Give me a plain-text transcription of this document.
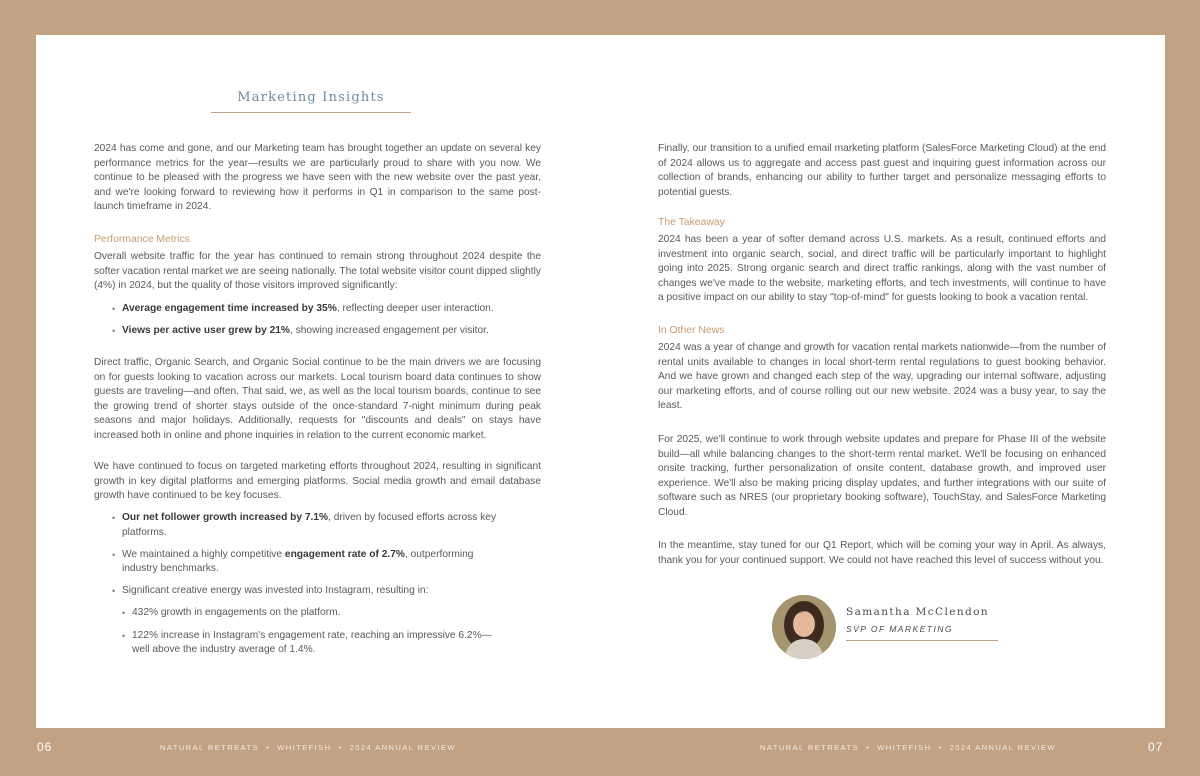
Marketing Insights

2024 has come and gone, and our Marketing team has brought together an update on several key performance metrics for the year—results we are particularly proud to share with you now. We continue to be pleased with the progress we have seen with the new website over the past year, and we're looking forward to reviewing how it performs in Q1 in comparison to the same post-launch timeframe in 2024.

Performance Metrics

Overall website traffic for the year has continued to remain strong throughout 2024 despite the softer vacation rental market we are seeing nationally. The total website visitor count dipped slightly (4%) in 2024, but the quality of those visitors improved significantly:

• Average engagement time increased by 35%, reflecting deeper user interaction.
• Views per active user grew by 21%, showing increased engagement per visitor.

Direct traffic, Organic Search, and Organic Social continue to be the main drivers we are focusing on for guests looking to vacation across our markets. Local tourism board data continues to show guests are traveling—and often. That said, we, as well as the local tourism boards, continue to see the growing trend of shorter stays outside of the once-standard 7-night minimum during peak seasons and major holidays. Additionally, requests for "discounts and deals" on stays have increased both in online and phone inquiries in relation to the current economic market.

We have continued to focus on targeted marketing efforts throughout 2024, resulting in significant growth in key digital platforms and emerging platforms. Social media growth and email database growth have continued to be key focuses.

• Our net follower growth increased by 7.1%, driven by focused efforts across key platforms.
• We maintained a highly competitive engagement rate of 2.7%, outperforming
industry benchmarks.
• Significant creative energy was invested into Instagram, resulting in:
• 432% growth in engagements on the platform.
• 122% increase in Instagram's engagement rate, reaching an impressive 6.2%—
well above the industry average of 1.4%.

Finally, our transition to a unified email marketing platform (SalesForce Marketing Cloud) at the end of 2024 allows us to aggregate and access past guest and inquiring guest information across our collection of brands, enhancing our ability to further target and personalize messaging efforts to potential guests.

The Takeaway

2024 has been a year of softer demand across U.S. markets. As a result, continued efforts and investment into organic search, social, and direct traffic will be particularly important to highlight going into 2025. Strong organic search and direct traffic rankings, along with the vast number of changes we've made to the website, marketing efforts, and tech investments, will continue to have a positive impact on our ability to stay "top-of-mind" for guests looking to book a vacation rental.

In Other News

2024 was a year of change and growth for vacation rental markets nationwide—from the number of rental units available to changes in local short-term rental regulations to guest booking behavior. And we have grown and changed each step of the way, upgrading our internal software, adjusting our marketing efforts, and of course rolling out our new website. 2024 was a busy year, to say the least.

For 2025, we'll continue to work through website updates and prepare for Phase III of the website build—all while balancing changes to the short-term rental market. We'll be focusing on enhanced onsite tracking, further personalization of onsite content, database growth, and improved user experience. We'll also be making pricing display updates, and further integrations with our suite of software such as NRES (our proprietary booking software), TouchStay, and SalesForce Marketing Cloud.

In the meantime, stay tuned for our Q1 Report, which will be coming your way in April. As always, thank you for your continued support. We could not have reached this level of success without you.

Samantha McClendon
SVP OF MARKETING
06	NATURAL RETREATS  •  WHITEFISH  •  2024 ANNUAL REVIEW	NATURAL RETREATS  •  WHITEFISH  •  2024 ANNUAL REVIEW	07
